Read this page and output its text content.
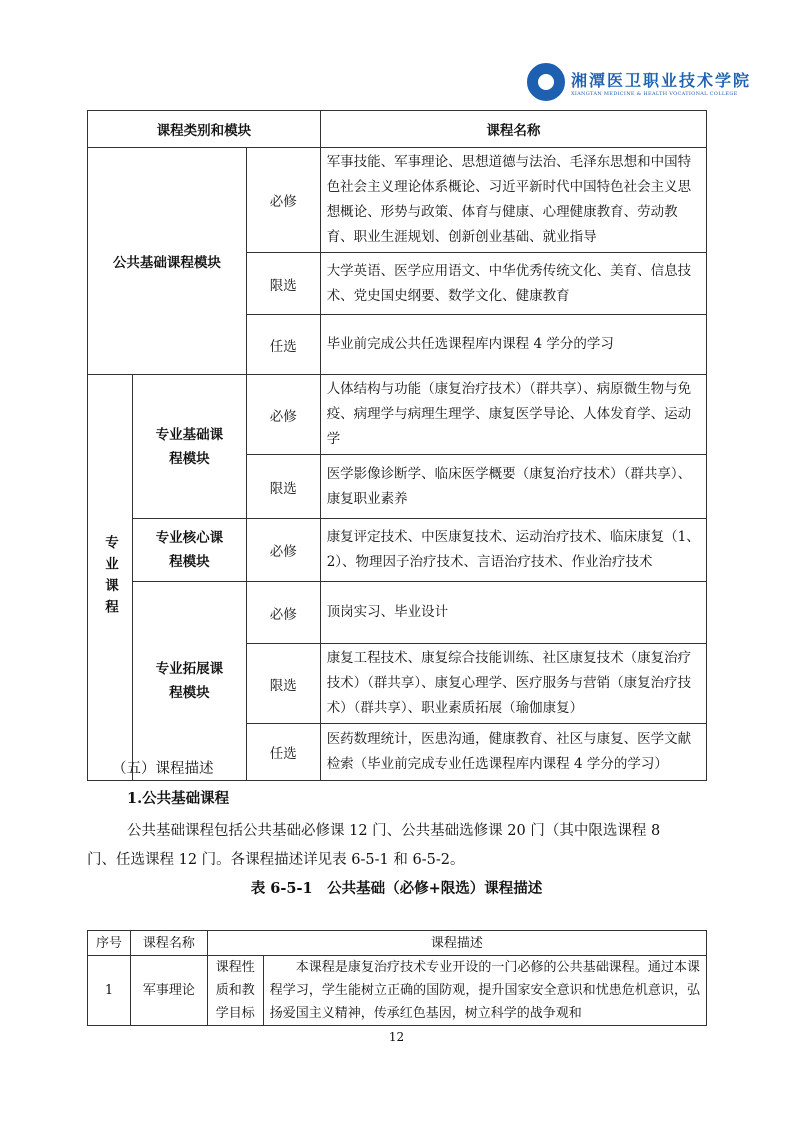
湘潭医卫职业技术学院
XIANGTAN MEDICINE & HEALTH VOCATIONAL COLLEGE
课程类别和模块			课程名称
公共基础课程模块		必修	军事技能、军事理论、思想道德与法治、毛泽东思想和中国特色社会主义理论体系概论、习近平新时代中国特色社会主义思想概论、形势与政策、体育与健康、心理健康教育、劳动教育、职业生涯规划、创新创业基础、就业指导
		限选	大学英语、医学应用语文、中华优秀传统文化、美育、信息技术、党史国史纲要、数学文化、健康教育
		任选	毕业前完成公共任选课程库内课程 4 学分的学习

专业课程	专业基础课程模块	必修	人体结构与功能（康复治疗技术）（群共享）、病原微生物与免疫、病理学与病理生理学、康复医学导论、人体发育学、运动学
		限选	医学影像诊断学、临床医学概要（康复治疗技术）（群共享）、康复职业素养
	专业核心课程模块	必修	康复评定技术、中医康复技术、运动治疗技术、临床康复（1、2）、物理因子治疗技术、言语治疗技术、作业治疗技术
	专业拓展课程模块	必修	顶岗实习、毕业设计
		限选	康复工程技术、康复综合技能训练、社区康复技术（康复治疗技术）（群共享）、康复心理学、医疗服务与营销（康复治疗技术）（群共享）、职业素质拓展（瑜伽康复）
		任选	医药数理统计，医患沟通，健康教育、社区与康复、医学文献检索（毕业前完成专业任选课程库内课程 4 学分的学习）
（五）课程描述
1.公共基础课程
公共基础课程包括公共基础必修课 12 门、公共基础选修课 20 门（其中限选课程 8
门、任选课程 12 门。各课程描述详见表 6-5-1 和 6-5-2。
表 6-5-1　公共基础（必修+限选）课程描述
序号	课程名称	课程描述	
1	军事理论	课程性质和教学目标	本课程是康复治疗技术专业开设的一门必修的公共基础课程。通过本课程学习，学生能树立正确的国防观，提升国家安全意识和忧患危机意识，弘扬爱国主义精神，传承红色基因，树立科学的战争观和
12
